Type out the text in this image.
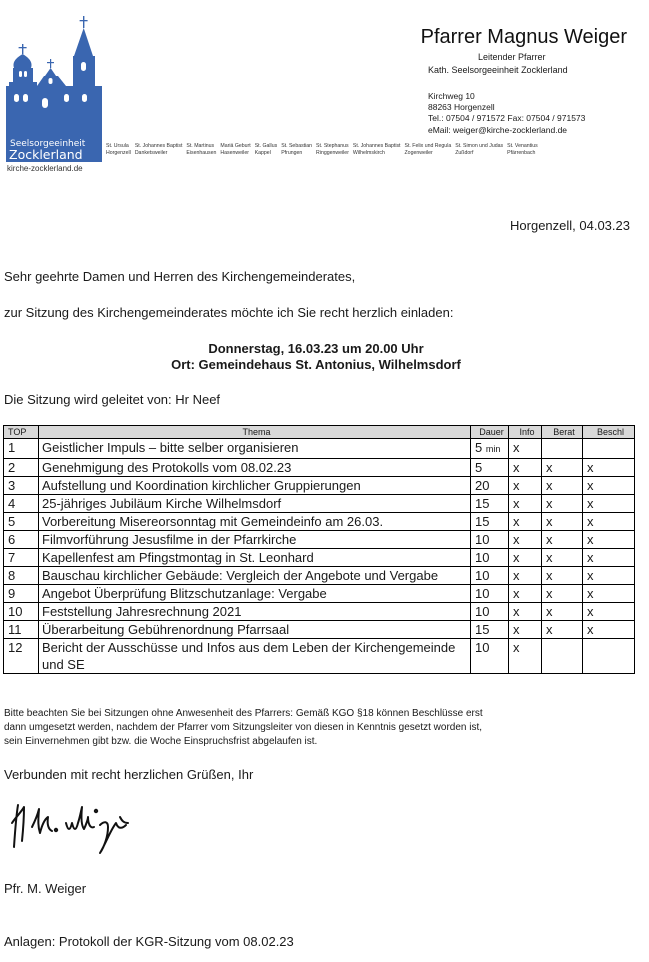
Seelsorgeeinheit
Zocklerland
kirche-zocklerland.de
Pfarrer Magnus Weiger
Leitender Pfarrer
Kath. Seelsorgeeinheit Zocklerland
Kirchweg 10
88263 Horgenzell
Tel.: 07504 / 971572 Fax: 07504 / 971573
eMail: weiger@kirche-zocklerland.de
St. Ursula
Horgenzell
St. Johannes Baptist
Danketsweiler
St. Martinus
Eisenhausen
Mariä Geburt
Hasenweiler
St. Gallus
Kappel
St. Sebastian
Pfrungen
St. Stephanus
Ringgenweiler
St. Johannes Baptist
Wilhelmskirch
St. Felix und Regula
Zogenweiler
St. Simon und Judas
Zußdorf
St. Venantius
Pfärrenbach
Horgenzell, 04.03.23
Sehr geehrte Damen und Herren des Kirchengemeinderates,
zur Sitzung des Kirchengemeinderates möchte ich Sie recht herzlich einladen:
Donnerstag, 16.03.23 um 20.00 Uhr
Ort: Gemeindehaus St. Antonius, Wilhelmsdorf
Die Sitzung wird geleitet von: Hr Neef
TOP	Thema	Dauer	Info	Berat	Beschl
1	Geistlicher Impuls – bitte selber organisieren	5 min	x		
2	Genehmigung des Protokolls vom 08.02.23	5	x	x	x
3	Aufstellung und Koordination kirchlicher Gruppierungen	20	x	x	x
4	25-jähriges Jubiläum Kirche Wilhelmsdorf	15	x	x	x
5	Vorbereitung Misereorsonntag mit Gemeindeinfo am 26.03.	15	x	x	x
6	Filmvorführung Jesusfilme in der Pfarrkirche	10	x	x	x
7	Kapellenfest am Pfingstmontag in St. Leonhard	10	x	x	x
8	Bauschau kirchlicher Gebäude: Vergleich der Angebote und Vergabe	10	x	x	x
9	Angebot Überprüfung Blitzschutzanlage: Vergabe	10	x	x	x
10	Feststellung Jahresrechnung 2021	10	x	x	x
11	Überarbeitung Gebührenordnung Pfarrsaal	15	x	x	x
12	Bericht der Ausschüsse und Infos aus dem Leben der Kirchengemeinde und SE	10	x		
Bitte beachten Sie bei Sitzungen ohne Anwesenheit des Pfarrers: Gemäß KGO §18 können Beschlüsse erst
dann umgesetzt werden, nachdem der Pfarrer vom Sitzungsleiter von diesen in Kenntnis gesetzt worden ist,
sein Einvernehmen gibt bzw. die Woche Einspruchsfrist abgelaufen ist.
Verbunden mit recht herzlichen Grüßen, Ihr
Pfr. M. Weiger
Anlagen: Protokoll der KGR-Sitzung vom 08.02.23
